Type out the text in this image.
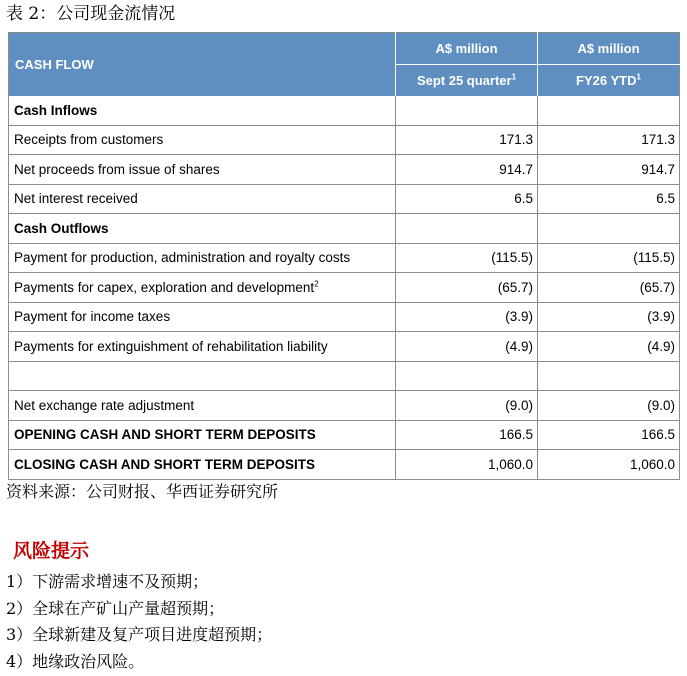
表 2：公司现金流情况
CASH FLOW	A$ million	A$ million
	Sept 25 quarter$^1$	FY26 YTD$^1$
Cash Inflows		
Receipts from customers	171.3	171.3
Net proceeds from issue of shares	914.7	914.7
Net interest received	6.5	6.5
Cash Outflows		
Payment for production, administration and royalty costs	(115.5)	(115.5)
Payments for capex, exploration and development$^2$	(65.7)	(65.7)
Payment for income taxes	(3.9)	(3.9)
Payments for extinguishment of rehabilitation liability	(4.9)	(4.9)

Net exchange rate adjustment	(9.0)	(9.0)
OPENING CASH AND SHORT TERM DEPOSITS	166.5	166.5
CLOSING CASH AND SHORT TERM DEPOSITS	1,060.0	1,060.0
资料来源：公司财报、华西证券研究所
风险提示
1）下游需求增速不及预期；
2）全球在产矿山产量超预期；
3）全球新建及复产项目进度超预期；
4）地缘政治风险。
